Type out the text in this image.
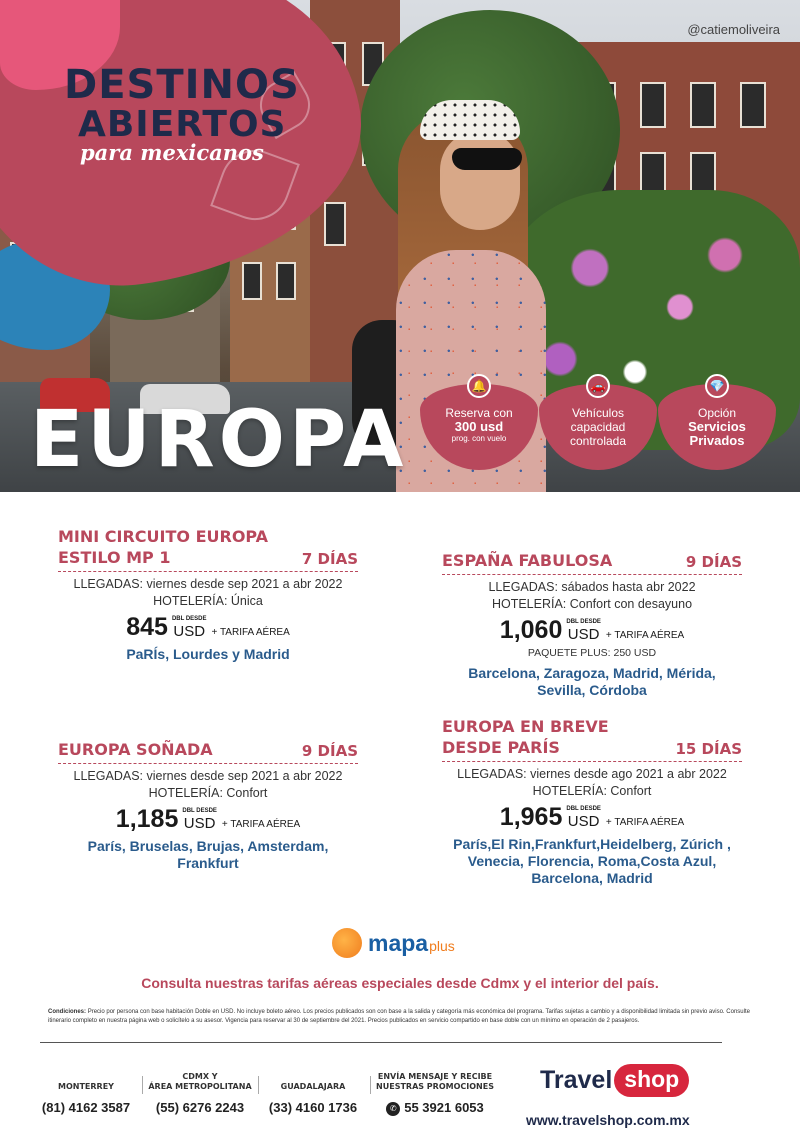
DESTINOS
ABIERTOS
para mexicanos
@catiemoliveira
EUROPA
🔔
Reserva con
300 usd
prog. con vuelo
🚗
Vehículos
capacidad
controlada
💎
Opción
Servicios
Privados
MINI CIRCUITO EUROPA
ESTILO MP 1	7 DÍAS
LLEGADAS: viernes desde sep 2021 a abr 2022
HOTELERÍA: Única
845 DBL DESDE
USD + TARIFA AÉREA
PaRÍs, Lourdes y Madrid
ESPAÑA FABULOSA	9 DÍAS
LLEGADAS: sábados hasta abr 2022
HOTELERÍA: Confort con desayuno
1,060 DBL DESDE
USD + TARIFA AÉREA
PAQUETE PLUS: 250 USD
Barcelona, Zaragoza, Madrid, Mérida,
Sevilla, Córdoba
EUROPA SOÑADA	9 DÍAS
LLEGADAS: viernes desde sep 2021 a abr 2022
HOTELERÍA: Confort
1,185 DBL DESDE
USD + TARIFA AÉREA
París, Bruselas, Brujas, Amsterdam,
Frankfurt
EUROPA EN BREVE
DESDE PARÍS	15 DÍAS
LLEGADAS: viernes desde ago 2021 a abr 2022
HOTELERÍA: Confort
1,965 DBL DESDE
USD + TARIFA AÉREA
París,El Rin,Frankfurt,Heidelberg, Zúrich ,
Venecia, Florencia, Roma,Costa Azul,
Barcelona, Madrid
mapa plus
Consulta nuestras tarifas aéreas especiales desde Cdmx y el interior del país.
Condiciones: Precio por persona con base habitación Doble en USD. No incluye boleto aéreo. Los precios publicados son con base a la salida y categoría más económica del programa. Tarifas sujetas a cambio y a disponibilidad limitada sin previo aviso. Consulte itinerario completo en nuestra página web o solicítelo a su asesor. Vigencia para reservar al 30 de septiembre del 2021. Precios publicados en servicio compartido en base doble con un mínimo en operación de 2 pasajeros.
MONTERREY
(81) 4162 3587
CDMX Y
ÁREA METROPOLITANA
(55) 6276 2243
GUADALAJARA
(33) 4160 1736
ENVÍA MENSAJE Y RECIBE
NUESTRAS PROMOCIONES
✆ 55 3921 6053
Travel shop
www.travelshop.com.mx
